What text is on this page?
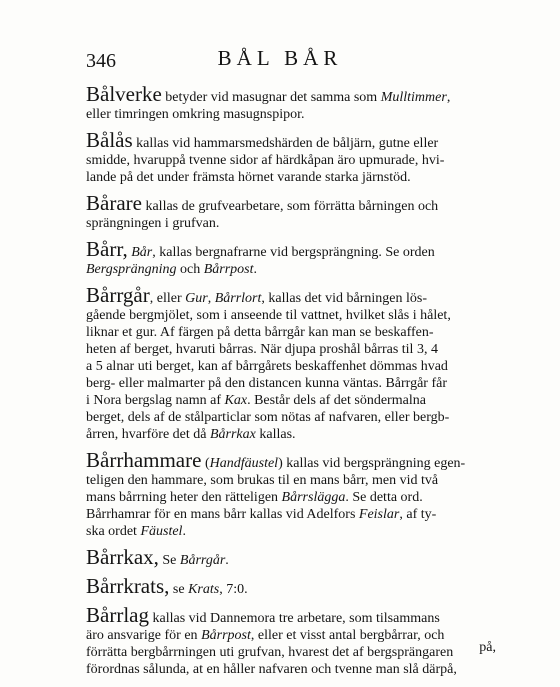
346	BÅL BÅR
Bålverke betyder vid masugnar det samma som Mulltimmer,
eller timringen omkring masugnspipor.
Bålås kallas vid hammarsmedshärden de båljärn, gutne eller
smidde, hvaruppå tvenne sidor af härdkåpan äro upmurade, hvi-
lande på det under främsta hörnet varande starka järnstöd.
Bårare kallas de grufvearbetare, som förrätta bårningen och
sprängningen i grufvan.
Bårr, Bår, kallas bergnafrarne vid bergsprängning. Se orden
Bergsprängning och Bårrpost.
Bårrgår, eller Gur, Bårrlort, kallas det vid bårningen lös-
gående bergmjölet, som i anseende til vattnet, hvilket slås i hålet,
liknar et gur. Af färgen på detta bårrgår kan man se beskaffen-
heten af berget, hvaruti bårras. När djupa proshål bårras til 3, 4
a 5 alnar uti berget, kan af bårrgårets beskaffenhet dömmas hvad
berg- eller malmarter på den distancen kunna väntas. Bårrgår får
i Nora bergslag namn af Kax. Består dels af det söndermalna
berget, dels af de stålparticlar som nötas af nafvaren, eller bergb-
årren, hvarföre det då Bårrkax kallas.
Bårrhammare (Handfäustel) kallas vid bergsprängning egen-
teligen den hammare, som brukas til en mans bårr, men vid två
mans bårrning heter den rätteligen Bårrslägga. Se detta ord.
Bårrhamrar för en mans bårr kallas vid Adelfors Feislar, af ty-
ska ordet Fäustel.
Bårrkax, Se Bårrgår.
Bårrkrats, se Krats, 7:0.
Bårrlag kallas vid Dannemora tre arbetare, som tilsammans
äro ansvarige för en Bårrpost, eller et visst antal bergbårrar, och
förrätta bergbårrningen uti grufvan, hvarest det af bergsprängaren
förordnas sålunda, at en håller nafvaren och tvenne man slå därpå,
på,
